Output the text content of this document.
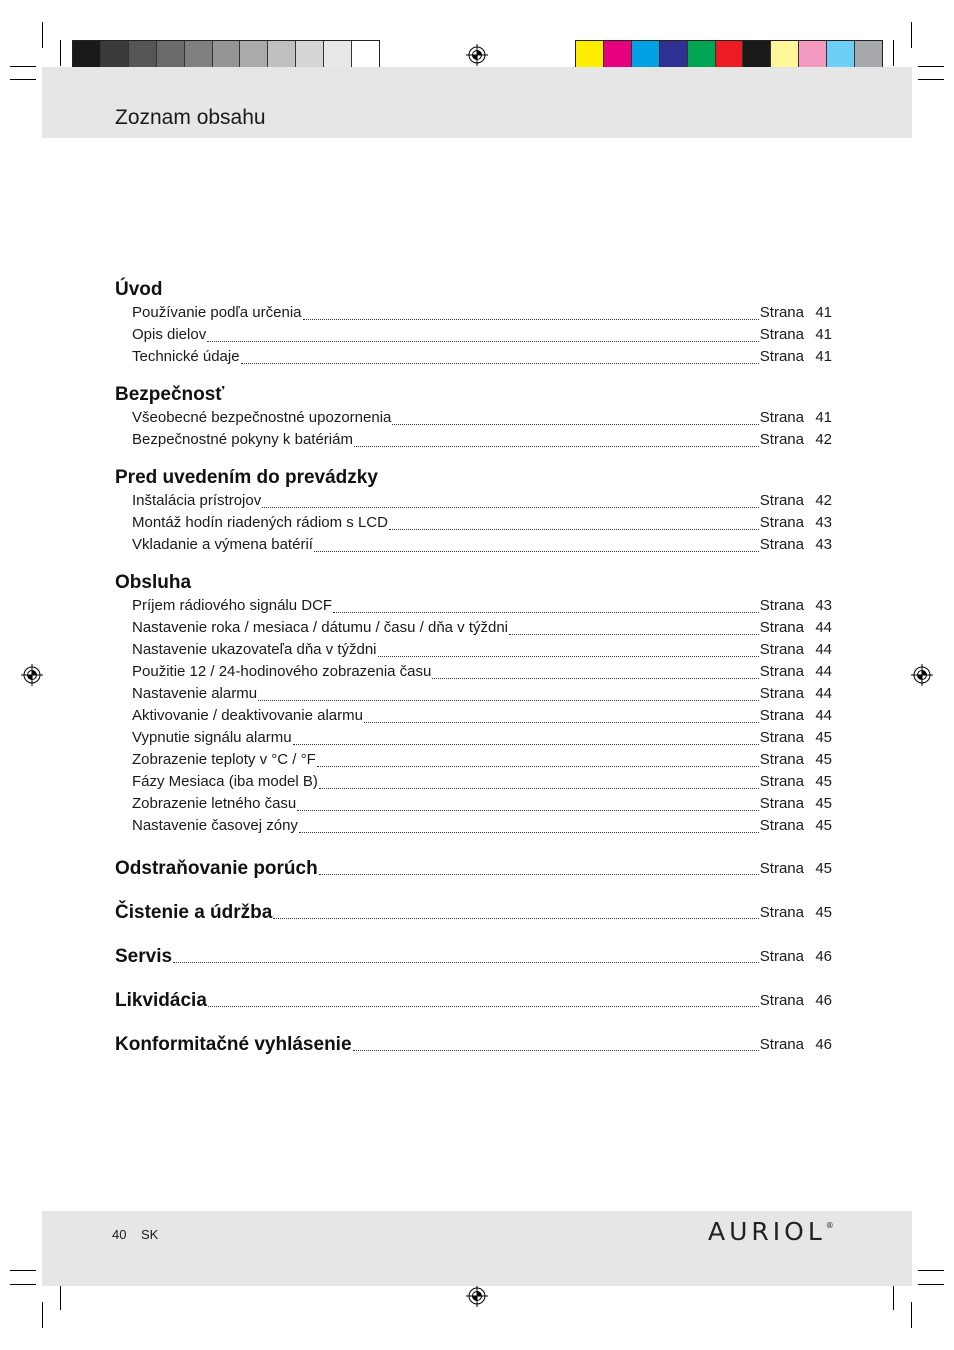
Zoznam obsahu
Úvod
Používanie podľa určenia	Strana 41
Opis dielov	Strana 41
Technické údaje	Strana 41
Bezpečnosť
Všeobecné bezpečnostné upozornenia	Strana 41
Bezpečnostné pokyny k batériám	Strana 42
Pred uvedením do prevádzky
Inštalácia prístrojov	Strana 42
Montáž hodín riadených rádiom s LCD	Strana 43
Vkladanie a výmena batérií	Strana 43
Obsluha
Príjem rádiového signálu DCF	Strana 43
Nastavenie roka / mesiaca / dátumu / času / dňa v týždni	Strana 44
Nastavenie ukazovateľa dňa v týždni	Strana 44
Použitie 12 / 24-hodinového zobrazenia času	Strana 44
Nastavenie alarmu	Strana 44
Aktivovanie / deaktivovanie alarmu	Strana 44
Vypnutie signálu alarmu	Strana 45
Zobrazenie teploty v °C / °F	Strana 45
Fázy Mesiaca (iba model B)	Strana 45
Zobrazenie letného času	Strana 45
Nastavenie časovej zóny	Strana 45
Odstraňovanie porúch	Strana 45
Čistenie a údržba	Strana 45
Servis	Strana 46
Likvidácia	Strana 46
Konformitačné vyhlásenie	Strana 46
40 SK	AURIOL®
